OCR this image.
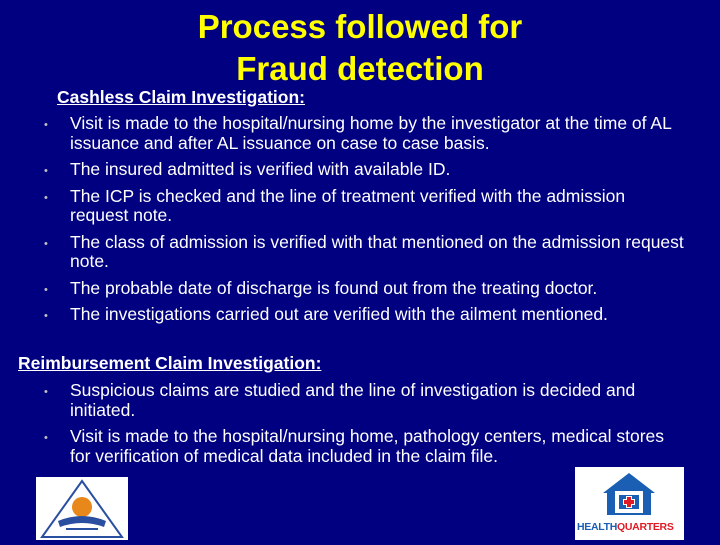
Process followed for
Fraud detection
Cashless Claim Investigation:
• Visit is made to the hospital/nursing home by the investigator at the time of AL issuance and after AL issuance on case to case basis.
• The insured admitted is verified with available ID.
• The ICP is checked and the line of treatment verified with the admission request note.
• The class of admission is verified with that mentioned on the admission request note.
• The probable date of discharge is found out from the treating doctor.
• The investigations carried out are verified with the ailment mentioned.
Reimbursement Claim Investigation:
• Suspicious claims are studied and the line of investigation is decided and initiated.
• Visit is made to the hospital/nursing home, pathology centers, medical stores for verification of medical data included in the claim file.
HEALTHQUARTERS
